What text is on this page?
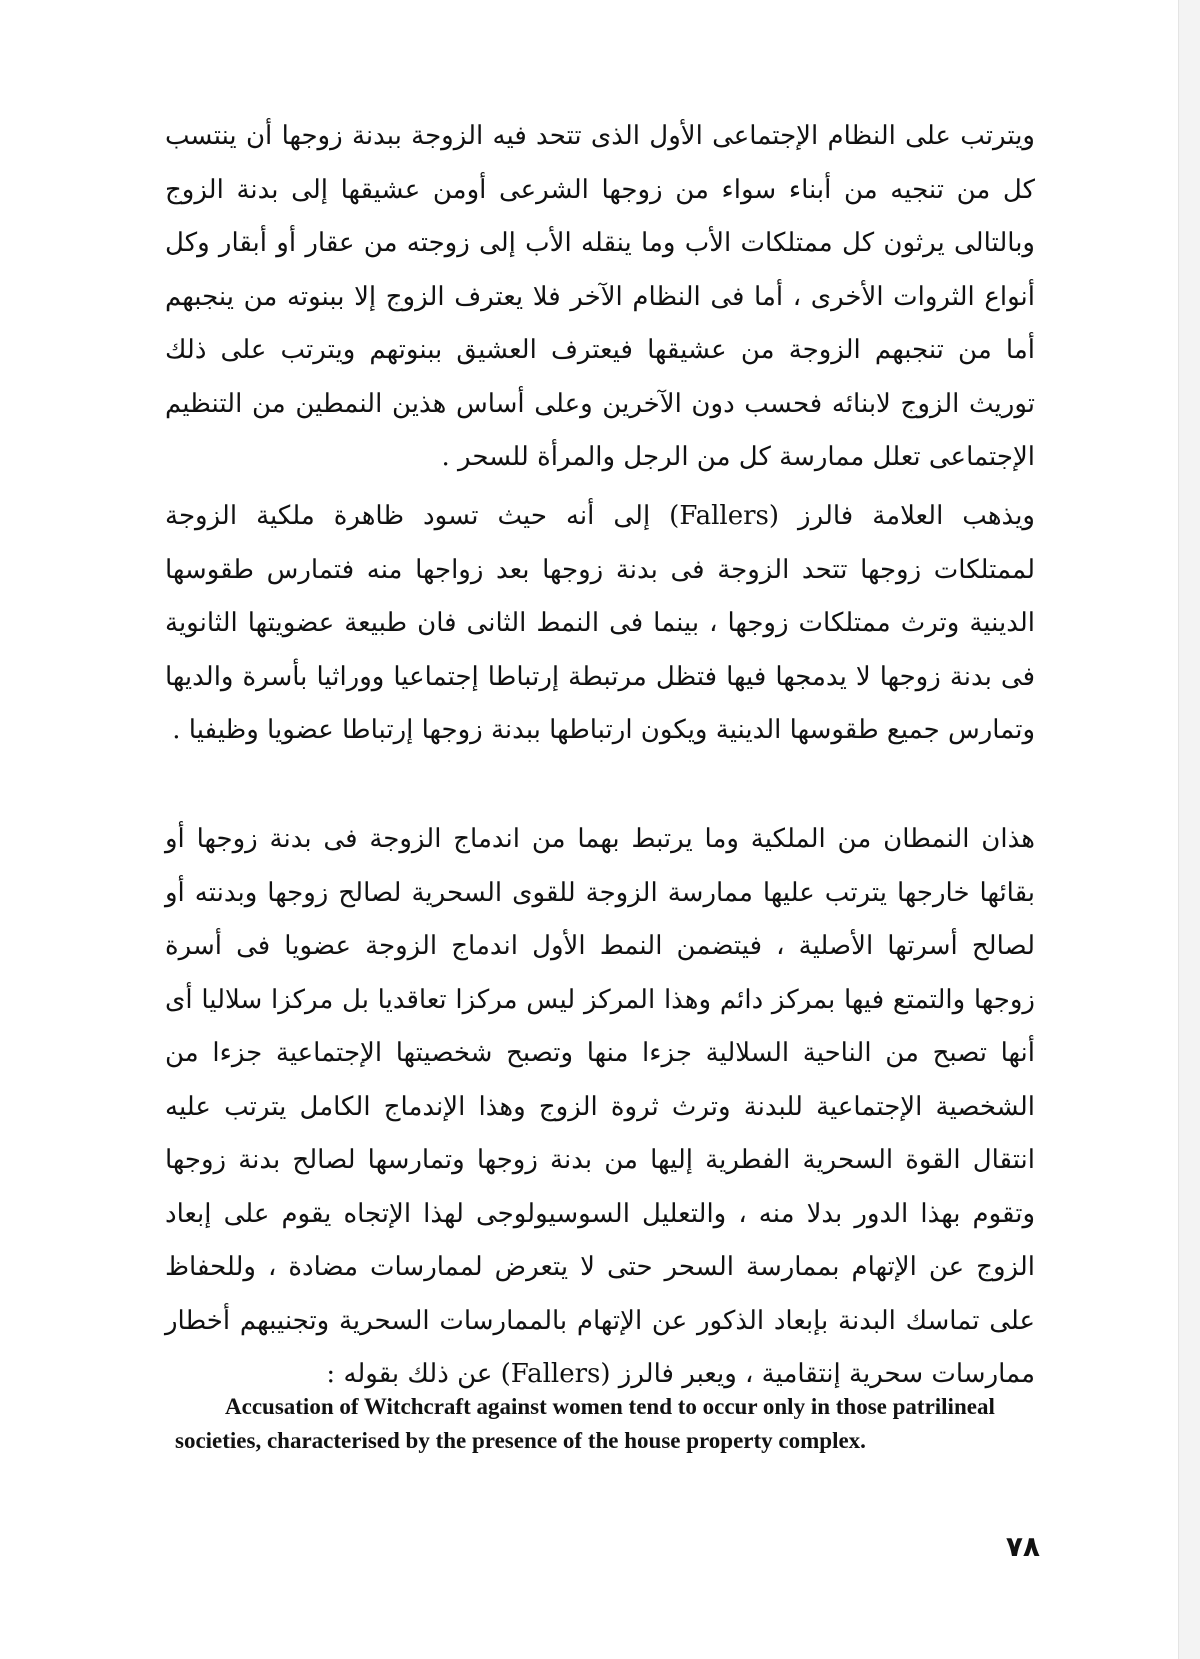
ويترتب على النظام الإجتماعى الأول الذى تتحد فيه الزوجة ببدنة زوجها أن ينتسب كل من تنجيه من أبناء سواء من زوجها الشرعى أومن عشيقها إلى بدنة الزوج وبالتالى يرثون كل ممتلكات الأب وما ينقله الأب إلى زوجته من عقار أو أبقار وكل أنواع الثروات الأخرى ، أما فى النظام الآخر فلا يعترف الزوج إلا ببنوته من ينجبهم أما من تنجبهم الزوجة من عشيقها فيعترف العشيق ببنوتهم ويترتب على ذلك توريث الزوج لابنائه فحسب دون الآخرين وعلى أساس هذين النمطين من التنظيم الإجتماعى تعلل ممارسة كل من الرجل والمرأة للسحر .

ويذهب العلامة فالرز (Fallers) إلى أنه حيث تسود ظاهرة ملكية الزوجة لممتلكات زوجها تتحد الزوجة فى بدنة زوجها بعد زواجها منه فتمارس طقوسها الدينية وترث ممتلكات زوجها ، بينما فى النمط الثانى فان طبيعة عضويتها الثانوية فى بدنة زوجها لا يدمجها فيها فتظل مرتبطة إرتباطا إجتماعيا ووراثيا بأسرة والديها وتمارس جميع طقوسها الدينية ويكون ارتباطها ببدنة زوجها إرتباطا عضويا وظيفيا .

هذان النمطان من الملكية وما يرتبط بهما من اندماج الزوجة فى بدنة زوجها أو بقائها خارجها يترتب عليها ممارسة الزوجة للقوى السحرية لصالح زوجها وبدنته أو لصالح أسرتها الأصلية ، فيتضمن النمط الأول اندماج الزوجة عضويا فى أسرة زوجها والتمتع فيها بمركز دائم وهذا المركز ليس مركزا تعاقديا بل مركزا سلاليا أى أنها تصبح من الناحية السلالية جزءا منها وتصبح شخصيتها الإجتماعية جزءا من الشخصية الإجتماعية للبدنة وترث ثروة الزوج وهذا الإندماج الكامل يترتب عليه انتقال القوة السحرية الفطرية إليها من بدنة زوجها وتمارسها لصالح بدنة زوجها وتقوم بهذا الدور بدلا منه ، والتعليل السوسيولوجى لهذا الإتجاه يقوم على إبعاد الزوج عن الإتهام بممارسة السحر حتى لا يتعرض لممارسات مضادة ، وللحفاظ على تماسك البدنة بإبعاد الذكور عن الإتهام بالممارسات السحرية وتجنيبهم أخطار ممارسات سحرية إنتقامية ، ويعبر فالرز (Fallers) عن ذلك بقوله :

Accusation of Witchcraft against women tend to occur only in those patrilineal societies, characterised by the presence of the house property complex.

٧٨
